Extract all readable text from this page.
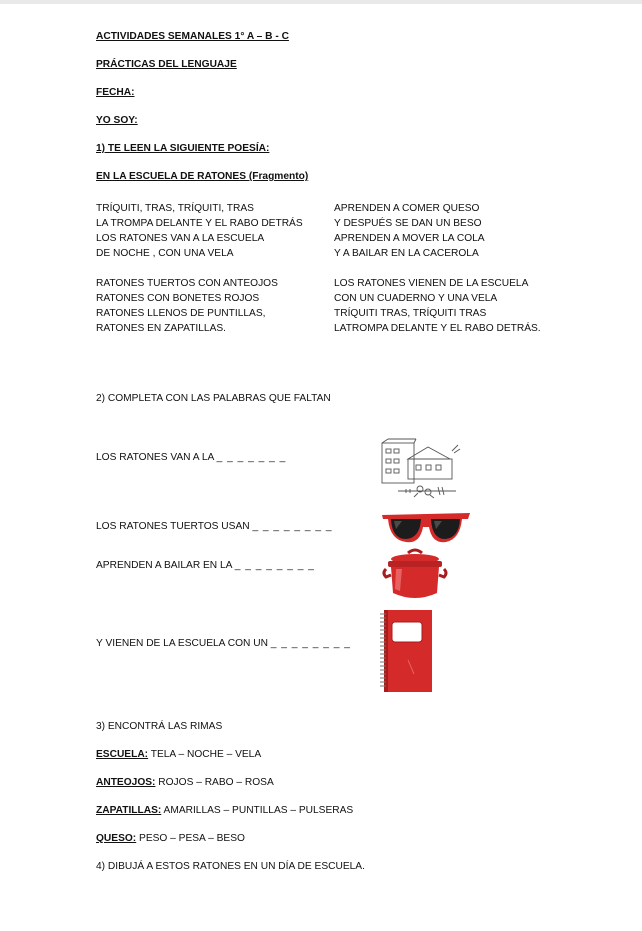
ACTIVIDADES SEMANALES 1° A – B - C
PRÁCTICAS DEL LENGUAJE
FECHA:
YO SOY:
1) TE LEEN LA SIGUIENTE POESÍA:
EN LA ESCUELA DE RATONES (Fragmento)
TRÍQUITI, TRAS, TRÍQUITI, TRAS
LA TROMPA DELANTE Y EL RABO DETRÁS
LOS RATONES VAN A LA ESCUELA
DE NOCHE , CON UNA VELA
RATONES TUERTOS CON ANTEOJOS
RATONES CON BONETES ROJOS
RATONES LLENOS DE PUNTILLAS,
RATONES EN ZAPATILLAS.
APRENDEN A COMER QUESO
Y DESPUÉS SE DAN UN BESO
APRENDEN A MOVER LA COLA
Y A BAILAR EN LA CACEROLA
LOS RATONES VIENEN DE LA ESCUELA
CON UN CUADERNO Y UNA VELA
TRÍQUITI TRAS, TRÍQUITI TRAS
LATROMPA DELANTE Y EL RABO DETRÁS.
2) COMPLETA CON LAS PALABRAS QUE FALTAN
LOS RATONES VAN A LA _ _ _ _ _ _ _
LOS RATONES TUERTOS USAN _ _ _ _ _ _ _ _
APRENDEN A BAILAR EN LA _ _ _ _ _ _ _ _
Y VIENEN DE LA ESCUELA CON UN _ _ _ _ _ _ _ _
3) ENCONTRÁ LAS RIMAS
ESCUELA: TELA – NOCHE – VELA
ANTEOJOS: ROJOS – RABO – ROSA
ZAPATILLAS: AMARILLAS – PUNTILLAS – PULSERAS
QUESO: PESO – PESA – BESO
4) DIBUJÁ A ESTOS RATONES EN UN DÍA DE ESCUELA.
